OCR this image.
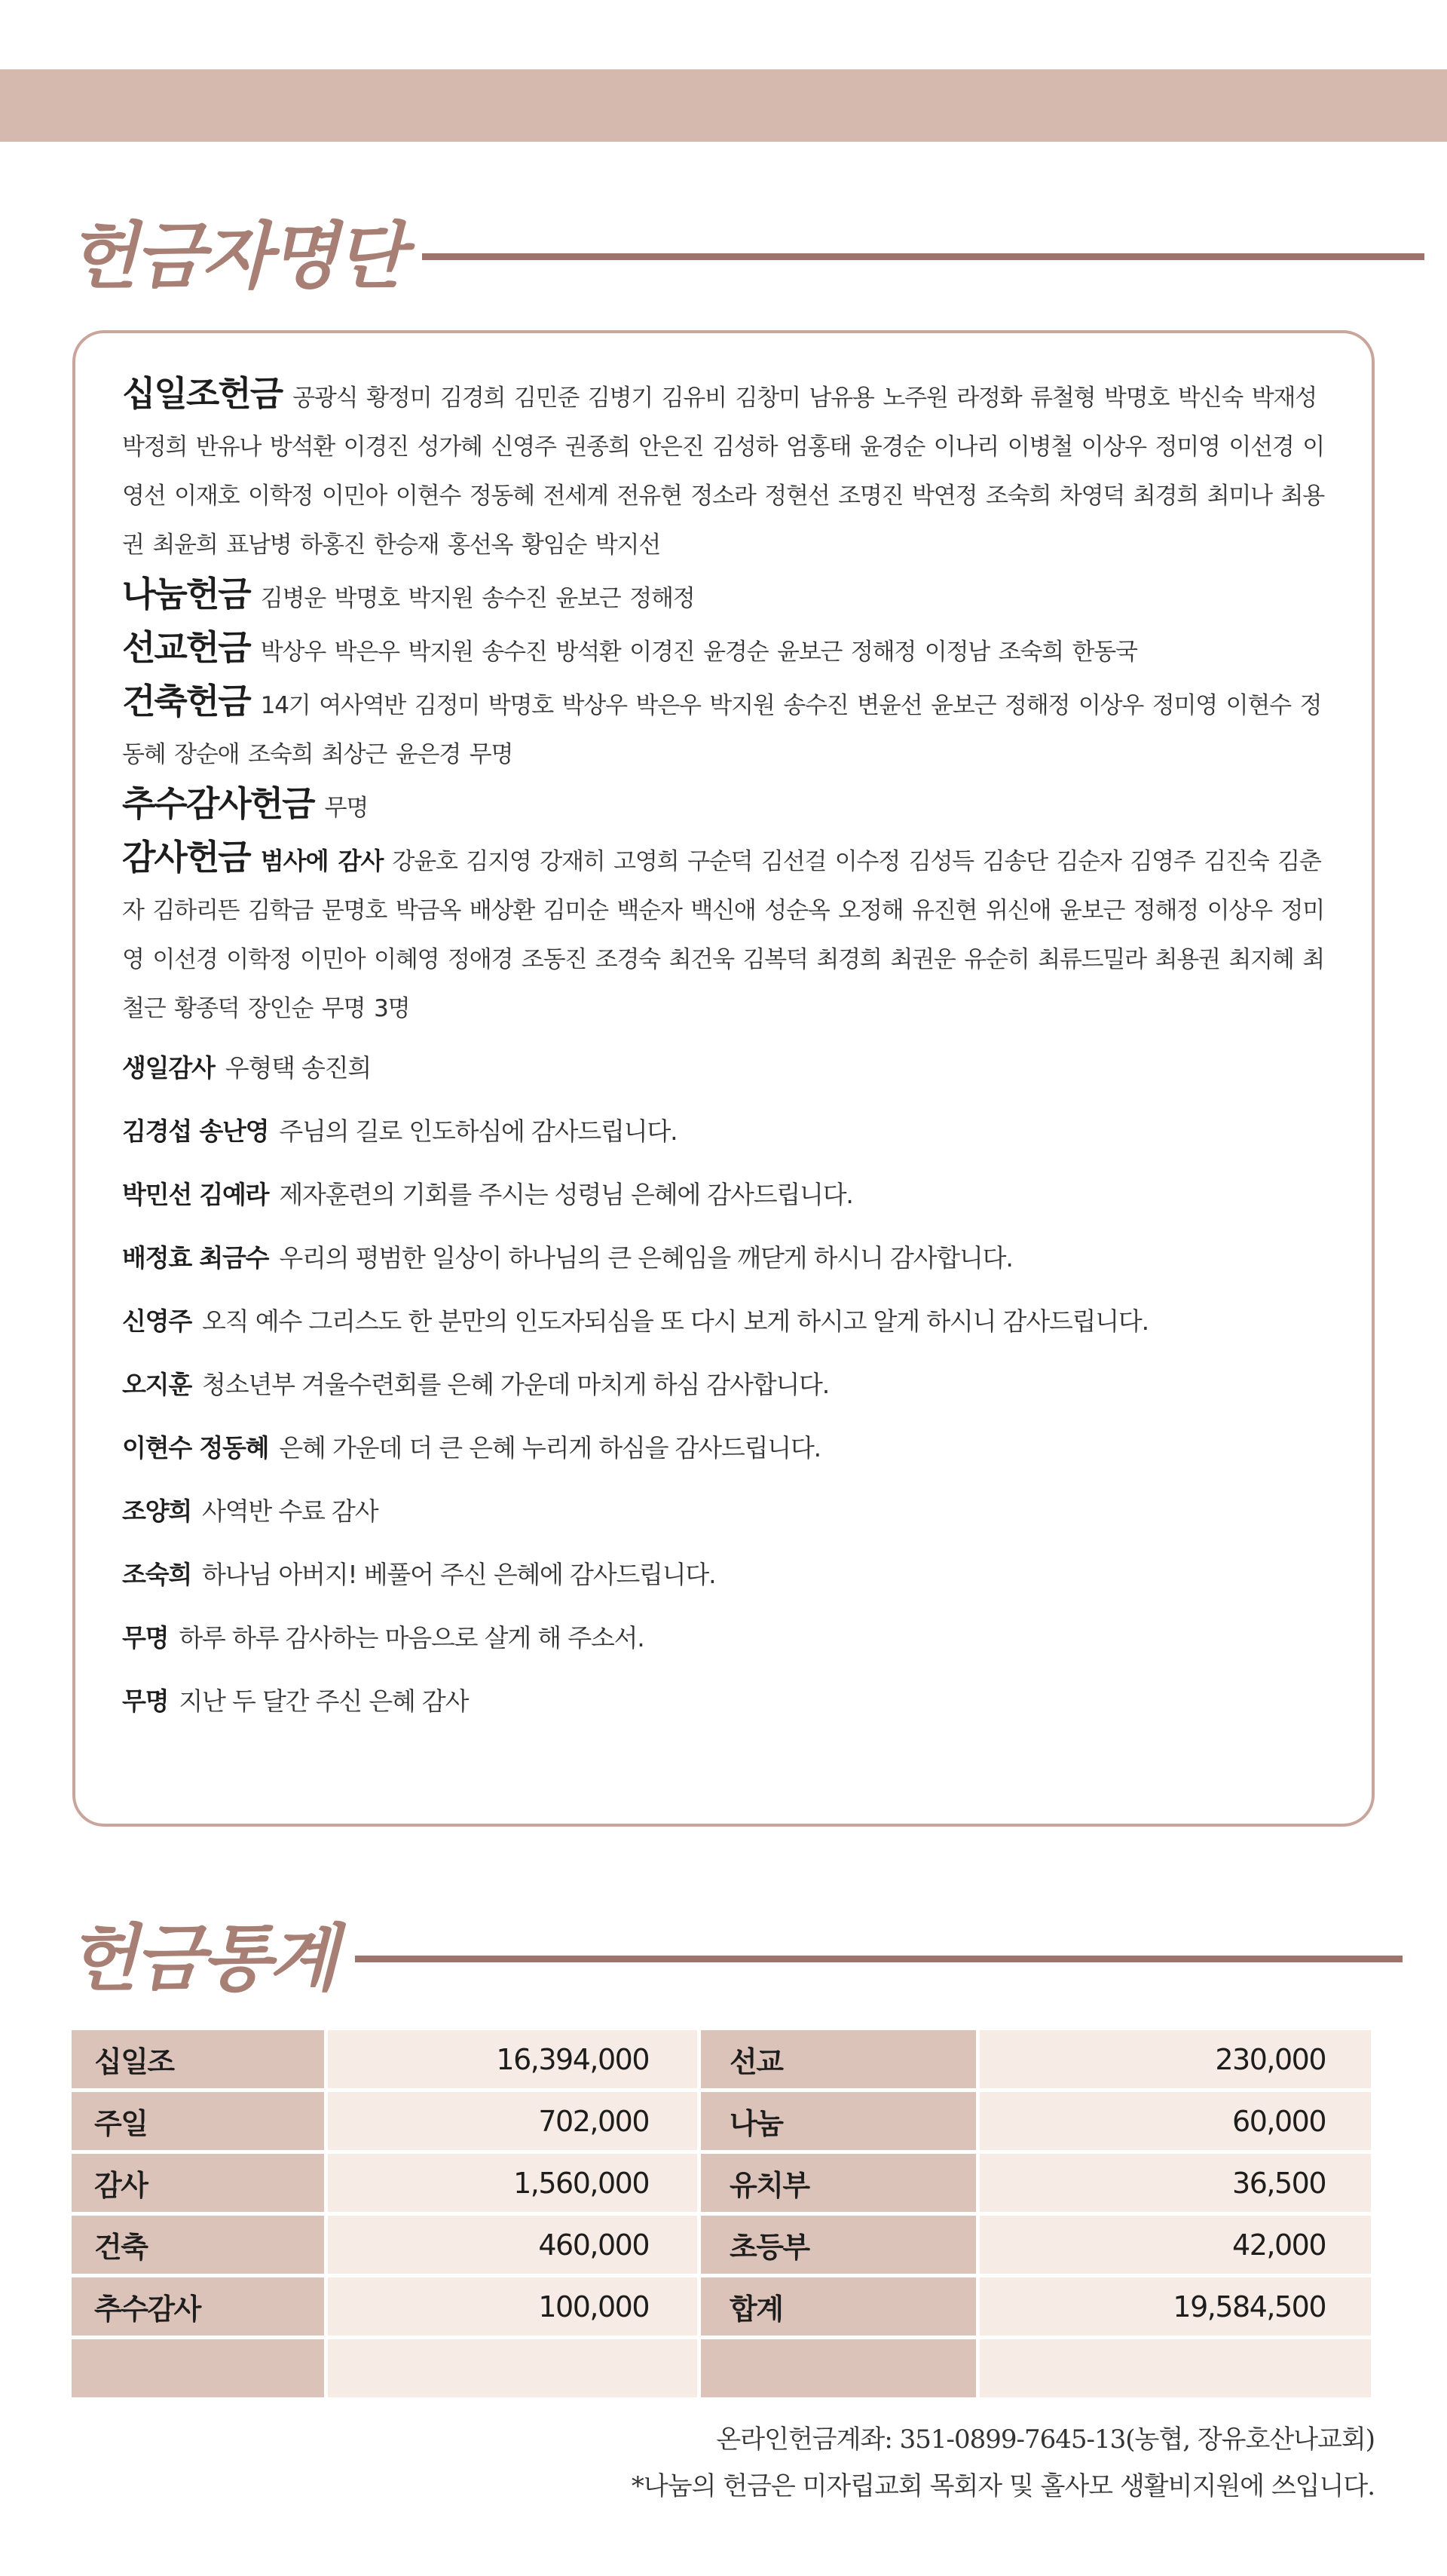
헌금자명단
십일조헌금 공광식 황정미 김경희 김민준 김병기 김유비 김창미 남유용 노주원 라정화 류철형 박명호 박신숙 박재성 박정희 반유나 방석환 이경진 성가혜 신영주 권종희 안은진 김성하 엄홍태 윤경순 이나리 이병철 이상우 정미영 이선경 이영선 이재호 이학정 이민아 이현수 정동혜 전세계 전유현 정소라 정현선 조명진 박연정 조숙희 차영덕 최경희 최미나 최용권 최윤희 표남병 하홍진 한승재 홍선옥 황임순 박지선
나눔헌금 김병운 박명호 박지원 송수진 윤보근 정해정
선교헌금 박상우 박은우 박지원 송수진 방석환 이경진 윤경순 윤보근 정해정 이정남 조숙희 한동국
건축헌금 14기 여사역반 김정미 박명호 박상우 박은우 박지원 송수진 변윤선 윤보근 정해정 이상우 정미영 이현수 정동혜 장순애 조숙희 최상근 윤은경 무명
추수감사헌금 무명
감사헌금 범사에 감사 강윤호 김지영 강재히 고영희 구순덕 김선걸 이수정 김성득 김송단 김순자 김영주 김진숙 김춘자 김하리뜬 김학금 문명호 박금옥 배상환 김미순 백순자 백신애 성순옥 오정해 유진현 위신애 윤보근 정해정 이상우 정미영 이선경 이학정 이민아 이혜영 정애경 조동진 조경숙 최건욱 김복덕 최경희 최권운 유순히 최류드밀라 최용권 최지혜 최철근 황종덕 장인순 무명 3명
생일감사 우형택 송진희
김경섭 송난영 주님의 길로 인도하심에 감사드립니다.
박민선 김예라 제자훈련의 기회를 주시는 성령님 은혜에 감사드립니다.
배정효 최금수 우리의 평범한 일상이 하나님의 큰 은혜임을 깨닫게 하시니 감사합니다.
신영주 오직 예수 그리스도 한 분만의 인도자되심을 또 다시 보게 하시고 알게 하시니 감사드립니다.
오지훈 청소년부 겨울수련회를 은혜 가운데 마치게 하심 감사합니다.
이현수 정동혜 은혜 가운데 더 큰 은혜 누리게 하심을 감사드립니다.
조양희 사역반 수료 감사
조숙희 하나님 아버지! 베풀어 주신 은혜에 감사드립니다.
무명 하루 하루 감사하는 마음으로 살게 해 주소서.
무명 지난 두 달간 주신 은혜 감사
헌금통계
십일조	16,394,000	선교	230,000
주일	702,000	나눔	60,000
감사	1,560,000	유치부	36,500
건축	460,000	초등부	42,000
추수감사	100,000	합계	19,584,500

온라인헌금계좌: 351-0899-7645-13(농협, 장유호산나교회)
*나눔의 헌금은 미자립교회 목회자 및 홀사모 생활비지원에 쓰입니다.
